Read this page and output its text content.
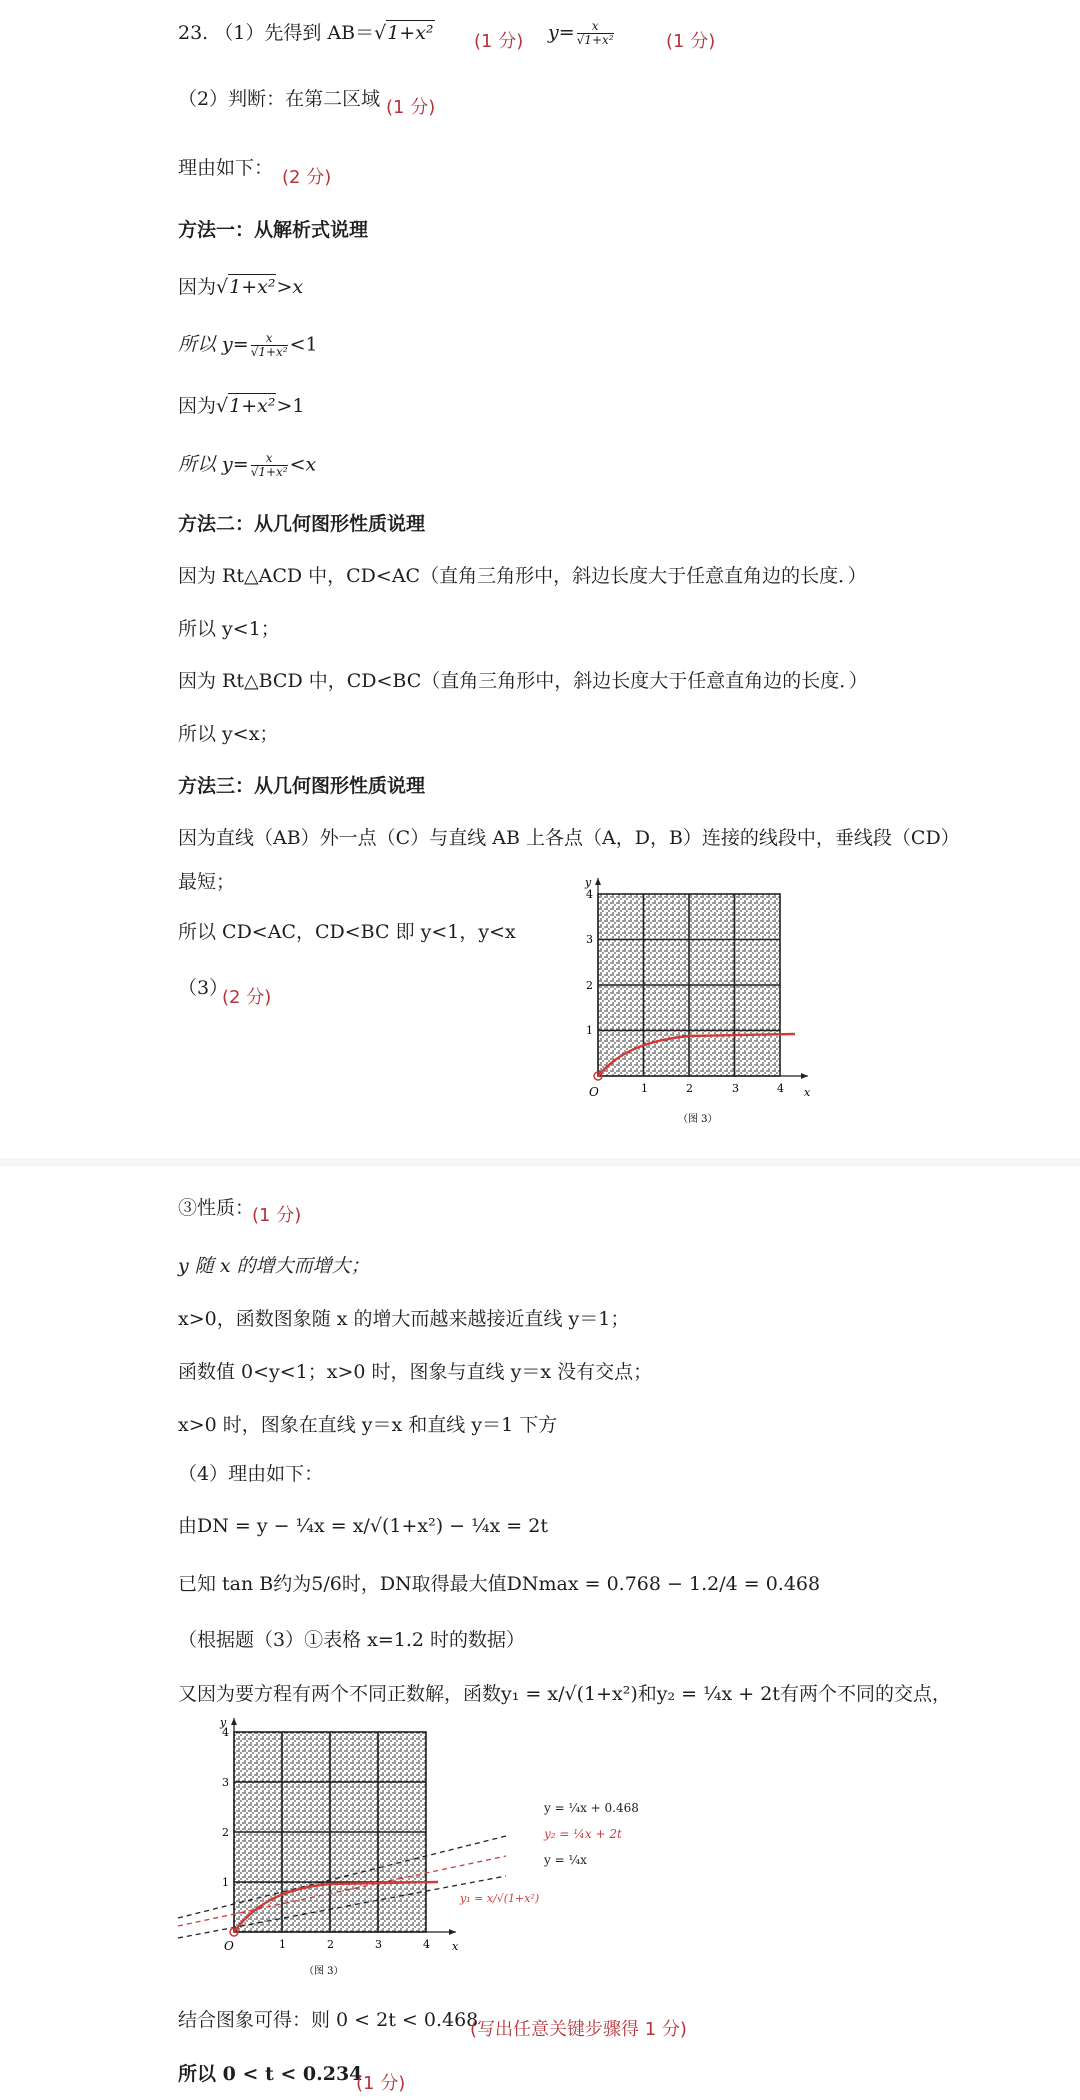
23. （1）先得到 AB＝√1+x² (1 分) $y= \frac{x}{\text{√1+x²}}$	(1 分)
（2）判断：在第二区域 (1 分)
理由如下： (2 分)
方法一：从解析式说理
因为√1+x²>x
所以 $y= \frac{x}{\text{√1+x²}} <1$
因为√1+x²>1
所以 $y= \frac{x}{\text{√1+x²}} <x$
方法二：从几何图形性质说理
因为 Rt△ACD 中，CD<AC（直角三角形中，斜边长度大于任意直角边的长度．）
所以 y<1；
因为 Rt△BCD 中，CD<BC（直角三角形中，斜边长度大于任意直角边的长度．）
所以 y<x；
方法三：从几何图形性质说理
因为直线（AB）外一点（C）与直线 AB 上各点（A，D，B）连接的线段中，垂线段（CD）
最短；
所以 CD<AC，CD<BC 即 y<1，y<x
（3）
(2 分)
O	x
y
1	2	3	4
1
2
3
4
（图 3）
③性质：
(1 分)
y 随 x 的增大而增大；
x>0，函数图象随 x 的增大而越来越接近直线 y＝1；
函数值 0<y<1；x>0 时，图象与直线 y＝x 没有交点；
x>0 时，图象在直线 y＝x 和直线 y＝1 下方
（4）理由如下：
由DN = y − ¼x = x/√(1+x²) − ¼x = 2t
已知 tan B约为5/6时，DN取得最大值DNmax = 0.768 − 1.2/4 = 0.468
（根据题（3）①表格 x=1.2 时的数据）
又因为要方程有两个不同正数解，函数y₁ = x/√(1+x²)和y₂ = ¼x + 2t有两个不同的交点，
O	x
y
1	2	3	4
1
2
3
4
y = ¼x + 0.468
y₂ = ¼x + 2t
y = ¼x
y₁ = x/√(1+x²)
（图 3）
结合图象可得：则 0 < 2t < 0.468
(写出任意关键步骤得 1 分)
所以 0 < t < 0.234
(1 分)
